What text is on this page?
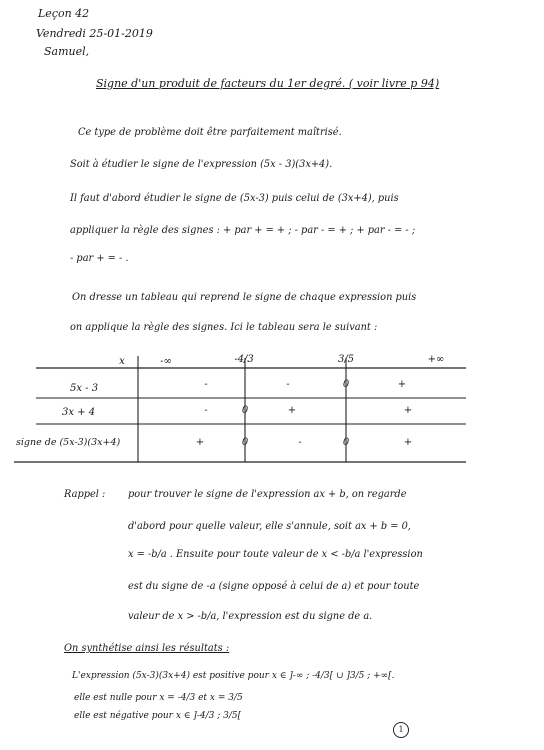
Leçon 42
Vendredi 25-01-2019
Samuel,
Signe d'un produit de facteurs du 1er degré. ( voir livre p 94)
Ce type de problème doit être parfaitement maîtrisé.
Soit à étudier le signe de l'expression (5x - 3)(3x+4).
Il faut d'abord étudier le signe de (5x-3) puis celui de (3x+4), puis
appliquer la règle des signes : + par + = + ; - par - = + ; + par - = - ;
- par + = - .
On dresse un tableau qui reprend le signe de chaque expression puis
on applique la règle des signes. Ici le tableau sera le suivant :
x	-∞	-4/3	3/5	+∞
5x - 3	-	-	0	+
3x + 4	-	0	+	+
signe de (5x-3)(3x+4)	+	0	-	0	+
Rappel : pour trouver le signe de l'expression ax + b, on regarde
d'abord pour quelle valeur, elle s'annule, soit ax + b = 0,
x = -b/a . Ensuite pour toute valeur de x < -b/a l'expression
est du signe de -a (signe opposé à celui de a) et pour toute
valeur de x > -b/a, l'expression est du signe de a.
On synthétise ainsi les résultats :
L'expression (5x-3)(3x+4) est positive pour x ∈ ]-∞ ; -4/3[ ∪ ]3/5 ; +∞[.
elle est nulle pour x = -4/3 et x = 3/5
elle est négative pour x ∈ ]-4/3 ; 3/5[
1
